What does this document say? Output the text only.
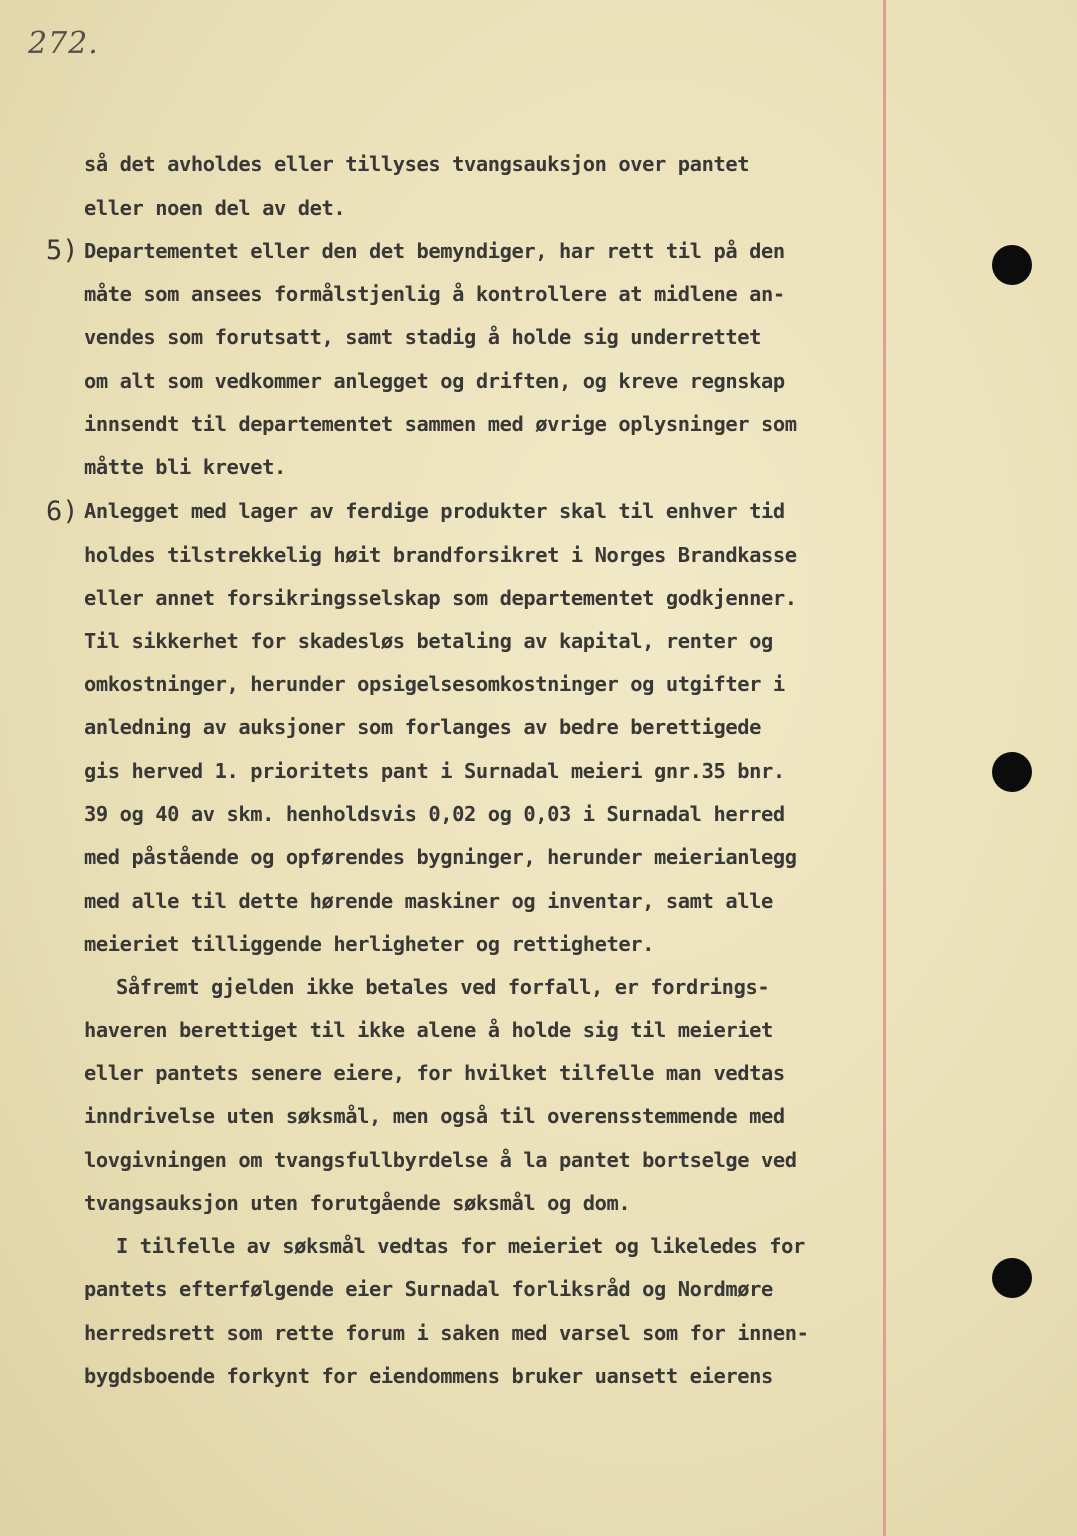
272.
5)
6)
så det avholdes eller tillyses tvangsauksjon over pantet
eller noen del av det.
Departementet eller den det bemyndiger, har rett til på den
måte som ansees formålstjenlig å kontrollere at midlene an-
vendes som forutsatt, samt stadig å holde sig underrettet
om alt som vedkommer anlegget og driften, og kreve regnskap
innsendt til departementet sammen med øvrige oplysninger som
måtte bli krevet.
Anlegget med lager av ferdige produkter skal til enhver tid
holdes tilstrekkelig høit brandforsikret i Norges Brandkasse
eller annet forsikringsselskap som departementet godkjenner.
Til sikkerhet for skadesløs betaling av kapital, renter og
omkostninger, herunder opsigelsesomkostninger og utgifter i
anledning av auksjoner som forlanges av bedre berettigede
gis herved 1. prioritets pant i Surnadal meieri gnr.35 bnr.
39 og 40 av skm. henholdsvis 0,02 og 0,03 i Surnadal herred
med påstående og opførendes bygninger, herunder meierianlegg
med alle til dette hørende maskiner og inventar, samt alle
meieriet tilliggende herligheter og rettigheter.
Såfremt gjelden ikke betales ved forfall, er fordrings-
haveren berettiget til ikke alene å holde sig til meieriet
eller pantets senere eiere, for hvilket tilfelle man vedtas
inndrivelse uten søksmål, men også til overensstemmende med
lovgivningen om tvangsfullbyrdelse å la pantet bortselge ved
tvangsauksjon uten forutgående søksmål og dom.
I tilfelle av søksmål vedtas for meieriet og likeledes for
pantets efterfølgende eier Surnadal forliksråd og Nordmøre
herredsrett som rette forum i saken med varsel som for innen-
bygdsboende forkynt for eiendommens bruker uansett eierens
